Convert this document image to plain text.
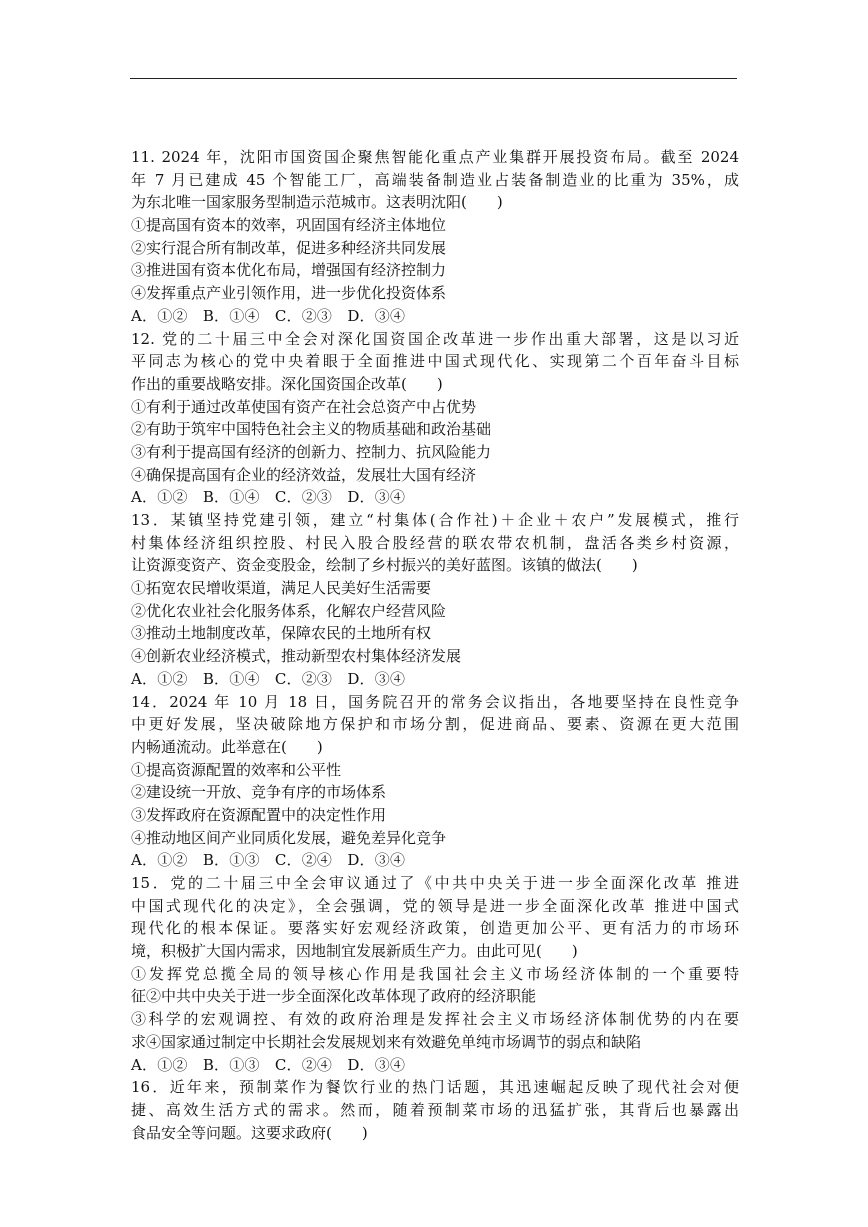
11. 2024 年，沈阳市国资国企聚焦智能化重点产业集群开展投资布局。截至 2024
年 7 月已建成 45 个智能工厂，高端装备制造业占装备制造业的比重为 35%，成
为东北唯一国家服务型制造示范城市。这表明沈阳(　　)
①提高国有资本的效率，巩固国有经济主体地位
②实行混合所有制改革，促进多种经济共同发展
③推进国有资本优化布局，增强国有经济控制力
④发挥重点产业引领作用，进一步优化投资体系
A．①②　B．①④　C．②③　D．③④
12. 党的二十届三中全会对深化国资国企改革进一步作出重大部署，这是以习近
平同志为核心的党中央着眼于全面推进中国式现代化、实现第二个百年奋斗目标
作出的重要战略安排。深化国资国企改革(　　)
①有利于通过改革使国有资产在社会总资产中占优势
②有助于筑牢中国特色社会主义的物质基础和政治基础
③有利于提高国有经济的创新力、控制力、抗风险能力
④确保提高国有企业的经济效益，发展壮大国有经济
A．①②　B．①④　C．②③　D．③④
13．某镇坚持党建引领，建立“村集体(合作社)＋企业＋农户”发展模式，推行
村集体经济组织控股、村民入股合股经营的联农带农机制，盘活各类乡村资源，
让资源变资产、资金变股金，绘制了乡村振兴的美好蓝图。该镇的做法(　　)
①拓宽农民增收渠道，满足人民美好生活需要
②优化农业社会化服务体系，化解农户经营风险
③推动土地制度改革，保障农民的土地所有权
④创新农业经济模式，推动新型农村集体经济发展
A．①②　B．①④　C．②③　D．③④
14．2024 年 10 月 18 日，国务院召开的常务会议指出，各地要坚持在良性竞争
中更好发展，坚决破除地方保护和市场分割，促进商品、要素、资源在更大范围
内畅通流动。此举意在(　　)
①提高资源配置的效率和公平性
②建设统一开放、竞争有序的市场体系
③发挥政府在资源配置中的决定性作用
④推动地区间产业同质化发展，避免差异化竞争
A．①②　B．①③　C．②④　D．③④
15．党的二十届三中全会审议通过了《中共中央关于进一步全面深化改革 推进
中国式现代化的决定》，全会强调，党的领导是进一步全面深化改革 推进中国式
现代化的根本保证。要落实好宏观经济政策，创造更加公平、更有活力的市场环
境，积极扩大国内需求，因地制宜发展新质生产力。由此可见(　　)
①发挥党总揽全局的领导核心作用是我国社会主义市场经济体制的一个重要特
征②中共中央关于进一步全面深化改革体现了政府的经济职能
③科学的宏观调控、有效的政府治理是发挥社会主义市场经济体制优势的内在要
求④国家通过制定中长期社会发展规划来有效避免单纯市场调节的弱点和缺陷
A．①②　B．①③　C．②④　D．③④
16．近年来，预制菜作为餐饮行业的热门话题，其迅速崛起反映了现代社会对便
捷、高效生活方式的需求。然而，随着预制菜市场的迅猛扩张，其背后也暴露出
食品安全等问题。这要求政府(　　)
